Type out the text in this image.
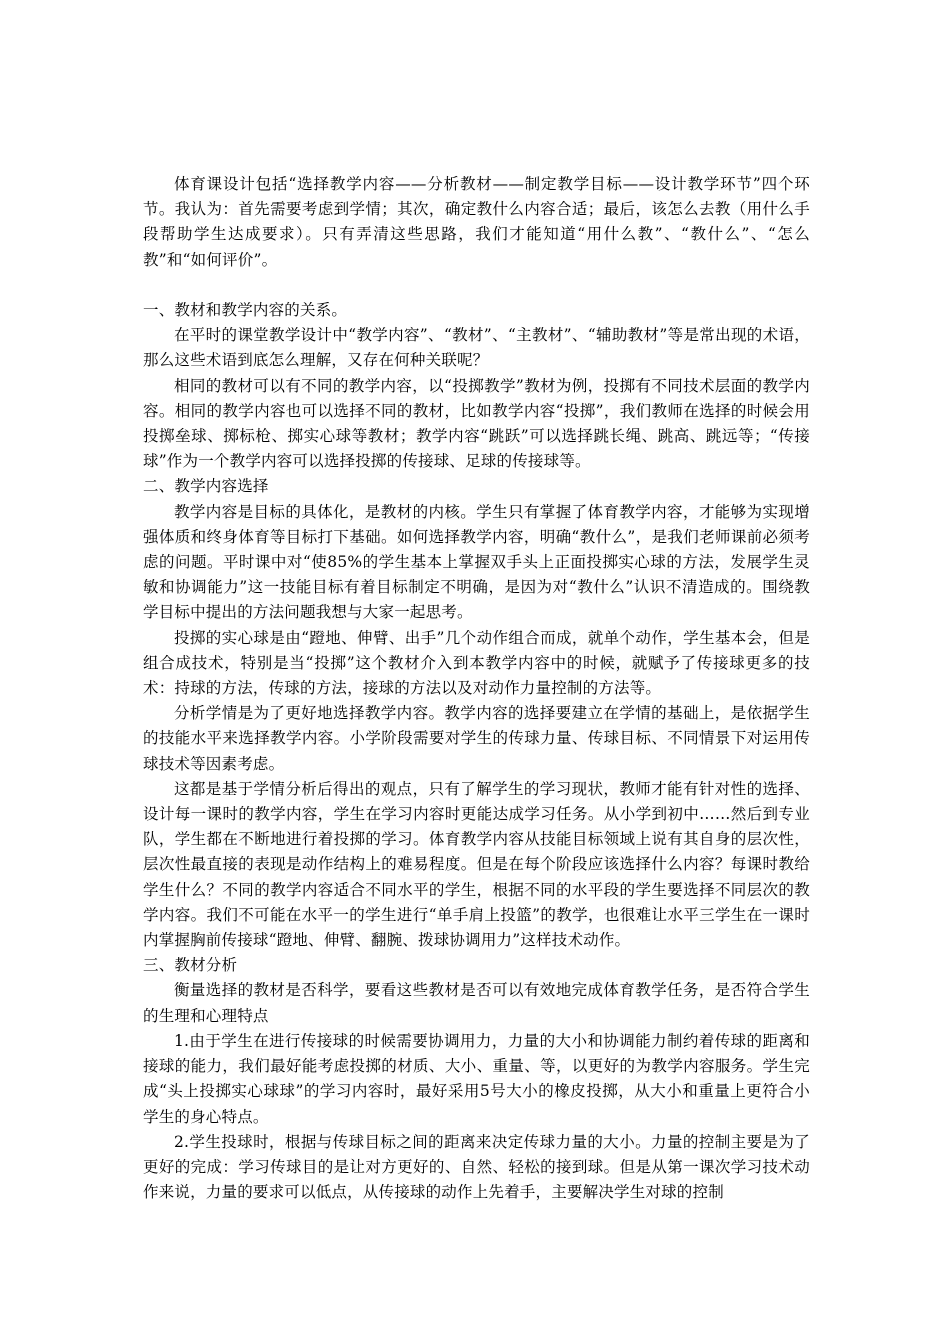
体育课设计包括“选择教学内容——分析教材——制定教学目标——设计教学环节”四个环节。我认为：首先需要考虑到学情；其次，确定教什么内容合适；最后，该怎么去教（用什么手段帮助学生达成要求）。只有弄清这些思路，我们才能知道“用什么教”、“教什么”、“怎么教”和“如何评价”。

一、教材和教学内容的关系。

在平时的课堂教学设计中“教学内容”、“教材”、“主教材”、“辅助教材”等是常出现的术语，那么这些术语到底怎么理解，又存在何种关联呢？

相同的教材可以有不同的教学内容，以“投掷教学”教材为例，投掷有不同技术层面的教学内容。相同的教学内容也可以选择不同的教材，比如教学内容“投掷”，我们教师在选择的时候会用投掷垒球、掷标枪、掷实心球等教材；教学内容“跳跃”可以选择跳长绳、跳高、跳远等；“传接球”作为一个教学内容可以选择投掷的传接球、足球的传接球等。

二、教学内容选择

教学内容是目标的具体化，是教材的内核。学生只有掌握了体育教学内容，才能够为实现增强体质和终身体育等目标打下基础。如何选择教学内容，明确“教什么”，是我们老师课前必须考虑的问题。平时课中对“使85%的学生基本上掌握双手头上正面投掷实心球的方法，发展学生灵敏和协调能力”这一技能目标有着目标制定不明确，是因为对“教什么”认识不清造成的。围绕教学目标中提出的方法问题我想与大家一起思考。

投掷的实心球是由“蹬地、伸臂、出手”几个动作组合而成，就单个动作，学生基本会，但是组合成技术，特别是当“投掷”这个教材介入到本教学内容中的时候，就赋予了传接球更多的技术：持球的方法，传球的方法，接球的方法以及对动作力量控制的方法等。

分析学情是为了更好地选择教学内容。教学内容的选择要建立在学情的基础上，是依据学生的技能水平来选择教学内容。小学阶段需要对学生的传球力量、传球目标、不同情景下对运用传球技术等因素考虑。

这都是基于学情分析后得出的观点，只有了解学生的学习现状，教师才能有针对性的选择、设计每一课时的教学内容，学生在学习内容时更能达成学习任务。从小学到初中……然后到专业队，学生都在不断地进行着投掷的学习。体育教学内容从技能目标领域上说有其自身的层次性，层次性最直接的表现是动作结构上的难易程度。但是在每个阶段应该选择什么内容？每课时教给学生什么？不同的教学内容适合不同水平的学生，根据不同的水平段的学生要选择不同层次的教学内容。我们不可能在水平一的学生进行“单手肩上投篮”的教学，也很难让水平三学生在一课时内掌握胸前传接球“蹬地、伸臂、翻腕、拨球协调用力”这样技术动作。

三、教材分析

衡量选择的教材是否科学，要看这些教材是否可以有效地完成体育教学任务，是否符合学生的生理和心理特点

1.由于学生在进行传接球的时候需要协调用力，力量的大小和协调能力制约着传球的距离和接球的能力，我们最好能考虑投掷的材质、大小、重量、等，以更好的为教学内容服务。学生完成“头上投掷实心球球”的学习内容时，最好采用5号大小的橡皮投掷，从大小和重量上更符合小学生的身心特点。

2.学生投球时，根据与传球目标之间的距离来决定传球力量的大小。力量的控制主要是为了更好的完成：学习传球目的是让对方更好的、自然、轻松的接到球。但是从第一课次学习技术动作来说，力量的要求可以低点，从传接球的动作上先着手，主要解决学生对球的控制
